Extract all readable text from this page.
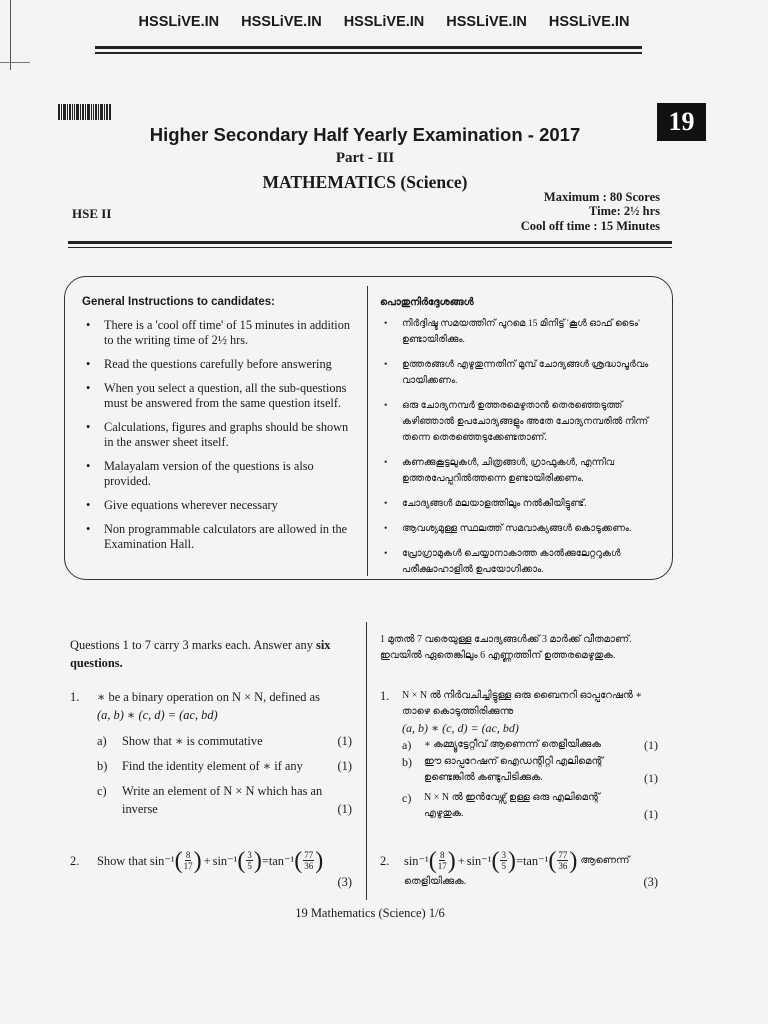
HSSLiVE.IN HSSLiVE.IN HSSLiVE.IN HSSLiVE.IN HSSLiVE.IN
19
Higher Secondary Half Yearly Examination - 2017
Part - III
MATHEMATICS (Science)
HSE II
Maximum : 80 Scores
Time: 2½ hrs
Cool off time : 15 Minutes
General Instructions to candidates:
• There is a 'cool off time' of 15 minutes in addition to the writing time of 2½ hrs.
• Read the questions carefully before answering
• When you select a question, all the sub-questions must be answered from the same question itself.
• Calculations, figures and graphs should be shown in the answer sheet itself.
• Malayalam version of the questions is also provided.
• Give equations wherever necessary
• Non programmable calculators are allowed in the Examination Hall.
പൊതുനിർദ്ദേശങ്ങൾ
• നിർദ്ദിഷ്ട സമയത്തിന് പുറമെ 15 മിനിട്ട് 'കൂൾ ഓഫ് ടൈം' ഉണ്ടായിരിക്കും.
• ഉത്തരങ്ങൾ എഴുതുന്നതിന് മുമ്പ് ചോദ്യങ്ങൾ ശ്രദ്ധാപൂർവം വായിക്കണം.
• ഒരു ചോദ്യനമ്പർ ഉത്തരമെഴുതാൻ തെരഞ്ഞെടുത്ത് കഴിഞ്ഞാൽ ഉപചോദ്യങ്ങളും അതേ ചോദ്യനമ്പരിൽ നിന്ന് തന്നെ തെരഞ്ഞെടുക്കേണ്ടതാണ്.
• കണക്കുകൂട്ടലുകൾ, ചിത്രങ്ങൾ, ഗ്രാഫുകൾ, എന്നിവ ഉത്തരപേപ്പറിൽത്തന്നെ ഉണ്ടായിരിക്കണം.
• ചോദ്യങ്ങൾ മലയാളത്തിലും നൽകിയിട്ടുണ്ട്.
• ആവശ്യമുള്ള സ്ഥലത്ത് സമവാക്യങ്ങൾ കൊടുക്കണം.
• പ്രോഗ്രാമുകൾ ചെയ്യാനാകാത്ത കാൽക്കുലേറ്ററുകൾ പരീക്ഷാഹാളിൽ ഉപയോഗിക്കാം.
Questions 1 to 7 carry 3 marks each. Answer any six questions.
1 മുതൽ 7 വരെയുള്ള ചോദ്യങ്ങൾക്ക് 3 മാർക്ക് വീതമാണ്. ഇവയിൽ ഏതെങ്കിലും 6 എണ്ണത്തിന് ഉത്തരമെഴുതുക.
1.	∗ be a binary operation on N × N, defined as
(a, b) ∗ (c, d) = (ac, bd)
a)	Show that ∗ is commutative	(1)
b)	Find the identity element of ∗ if any	(1)
c)	Write an element of N × N which has an inverse	(1)
1.	N × N ൽ നിർവചിച്ചിട്ടുള്ള ഒരു ബൈനറി ഓപ്പറേഷൻ ∗ താഴെ കൊടുത്തിരിക്കുന്നു
(a, b) ∗ (c, d) = (ac, bd)
a)	∗ കമ്മ്യൂട്ടേറ്റീവ് ആണെന്ന് തെളിയിക്കുക	(1)
b)	ഈ ഓപ്പറേഷന് ഐഡന്റിറ്റി എലിമെന്റ് ഉണ്ടെങ്കിൽ കണ്ടുപിടിക്കുക.	(1)
c)	N × N ൽ ഇൻവേഴ്സ് ഉള്ള ഒരു എലിമെന്റ് എഴുതുക.	(1)
2.	Show that sin⁻¹ ( $\frac{8}{17}$ ) + sin⁻¹ ( $\frac{3}{5}$ ) = tan⁻¹ ( $\frac{77}{36}$ )
(3)
2.	sin⁻¹ ( $\frac{8}{17}$ ) + sin⁻¹ ( $\frac{3}{5}$ ) = tan⁻¹ ( $\frac{77}{36}$ ) ആണെന്ന്
തെളിയിക്കുക.	(3)
19 Mathematics (Science) 1/6
